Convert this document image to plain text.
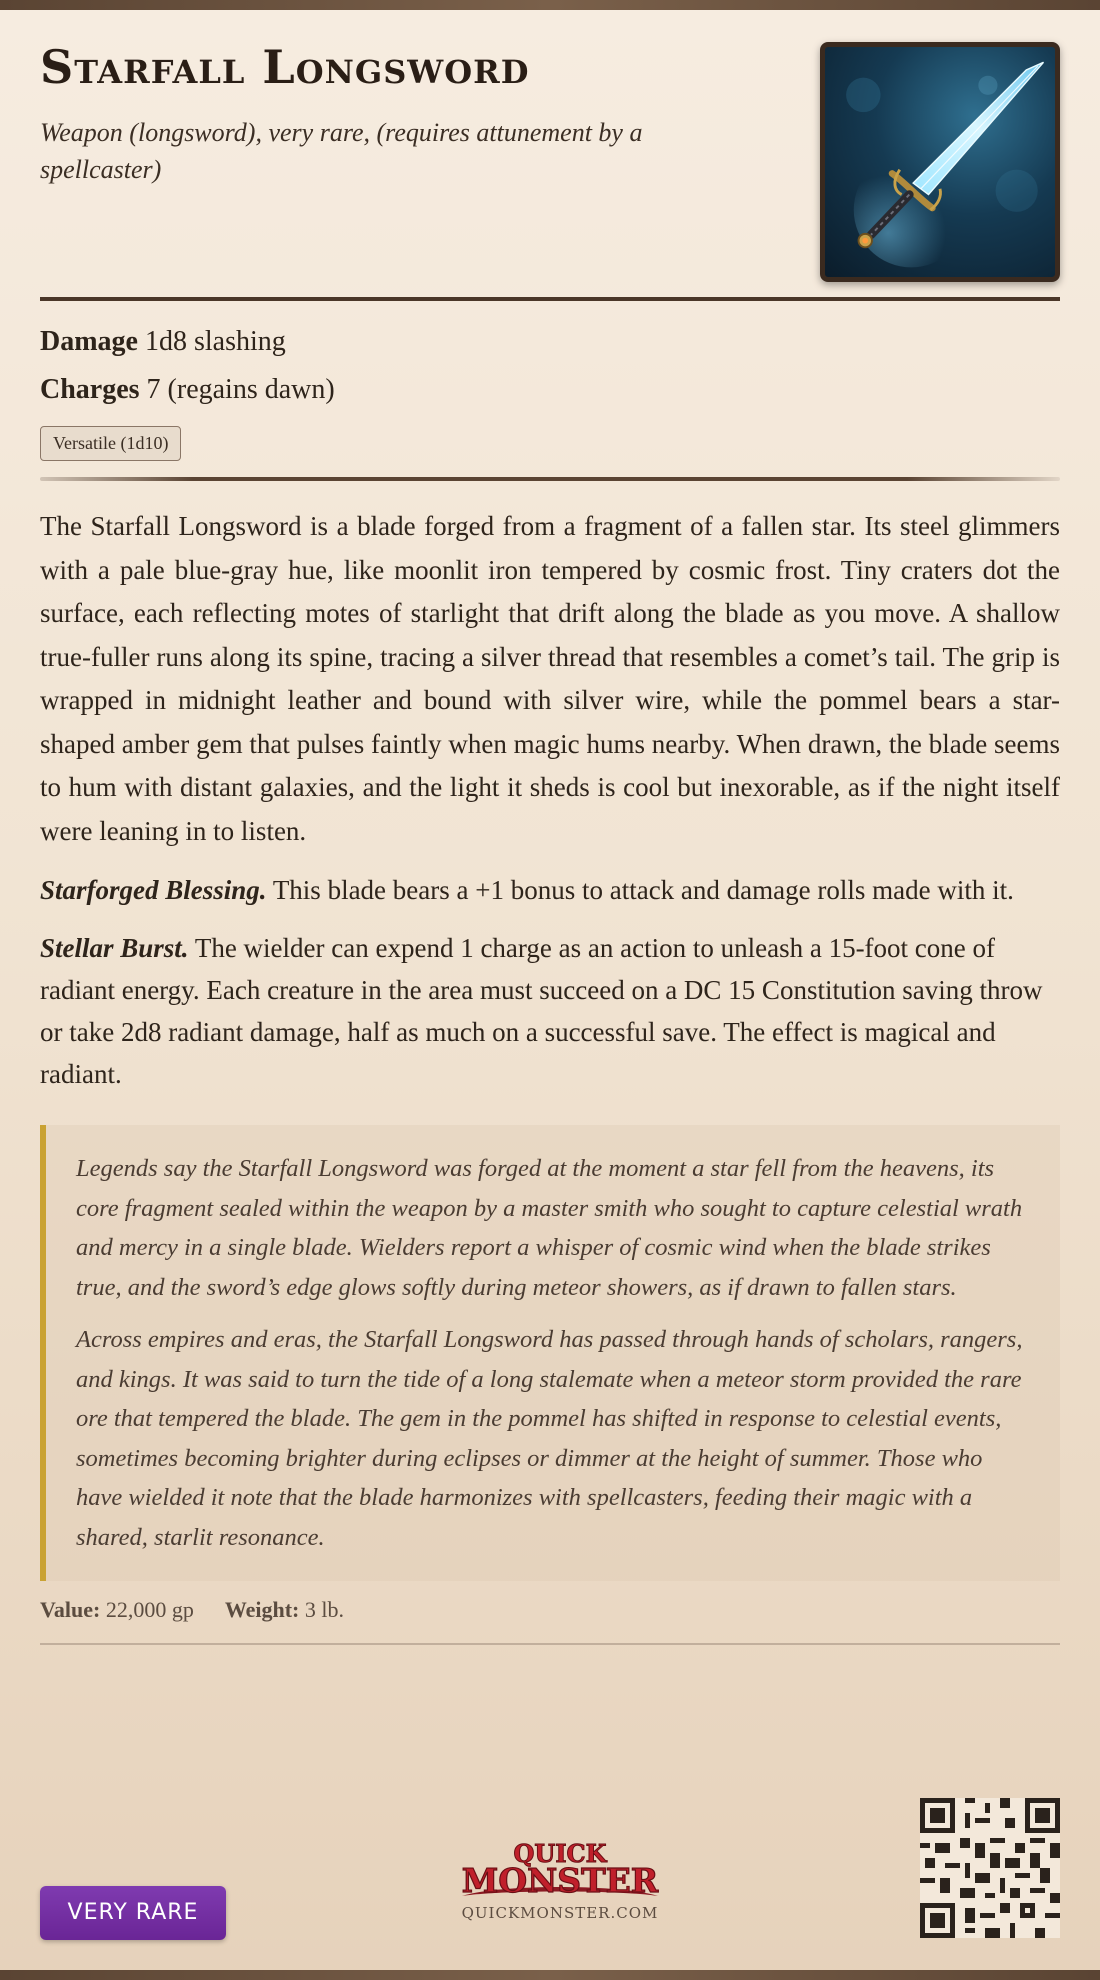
Starfall Longsword
Weapon (longsword), very rare, (requires attunement by a spellcaster)
Damage 1d8 slashing
Charges 7 (regains dawn)
Versatile (1d10)

The Starfall Longsword is a blade forged from a fragment of a fallen star. Its steel glimmers with a pale blue-gray hue, like moonlit iron tempered by cosmic frost. Tiny craters dot the surface, each reflecting motes of starlight that drift along the blade as you move. A shallow true-fuller runs along its spine, tracing a silver thread that resembles a comet’s tail. The grip is wrapped in midnight leather and bound with silver wire, while the pommel bears a star-shaped amber gem that pulses faintly when magic hums nearby. When drawn, the blade seems to hum with distant galaxies, and the light it sheds is cool but inexorable, as if the night itself were leaning in to listen.

Starforged Blessing. This blade bears a +1 bonus to attack and damage rolls made with it.

Stellar Burst. The wielder can expend 1 charge as an action to unleash a 15-foot cone of radiant energy. Each creature in the area must succeed on a DC 15 Constitution saving throw or take 2d8 radiant damage, half as much on a successful save. The effect is magical and radiant.

Legends say the Starfall Longsword was forged at the moment a star fell from the heavens, its core fragment sealed within the weapon by a master smith who sought to capture celestial wrath and mercy in a single blade. Wielders report a whisper of cosmic wind when the blade strikes true, and the sword’s edge glows softly during meteor showers, as if drawn to fallen stars.

Across empires and eras, the Starfall Longsword has passed through hands of scholars, rangers, and kings. It was said to turn the tide of a long stalemate when a meteor storm provided the rare ore that tempered the blade. The gem in the pommel has shifted in response to celestial events, sometimes becoming brighter during eclipses or dimmer at the height of summer. Those who have wielded it note that the blade harmonizes with spellcasters, feeding their magic with a shared, starlit resonance.

Value: 22,000 gp Weight: 3 lb.
VERY RARE
QUICK
MONSTER
QUICKMONSTER.COM
